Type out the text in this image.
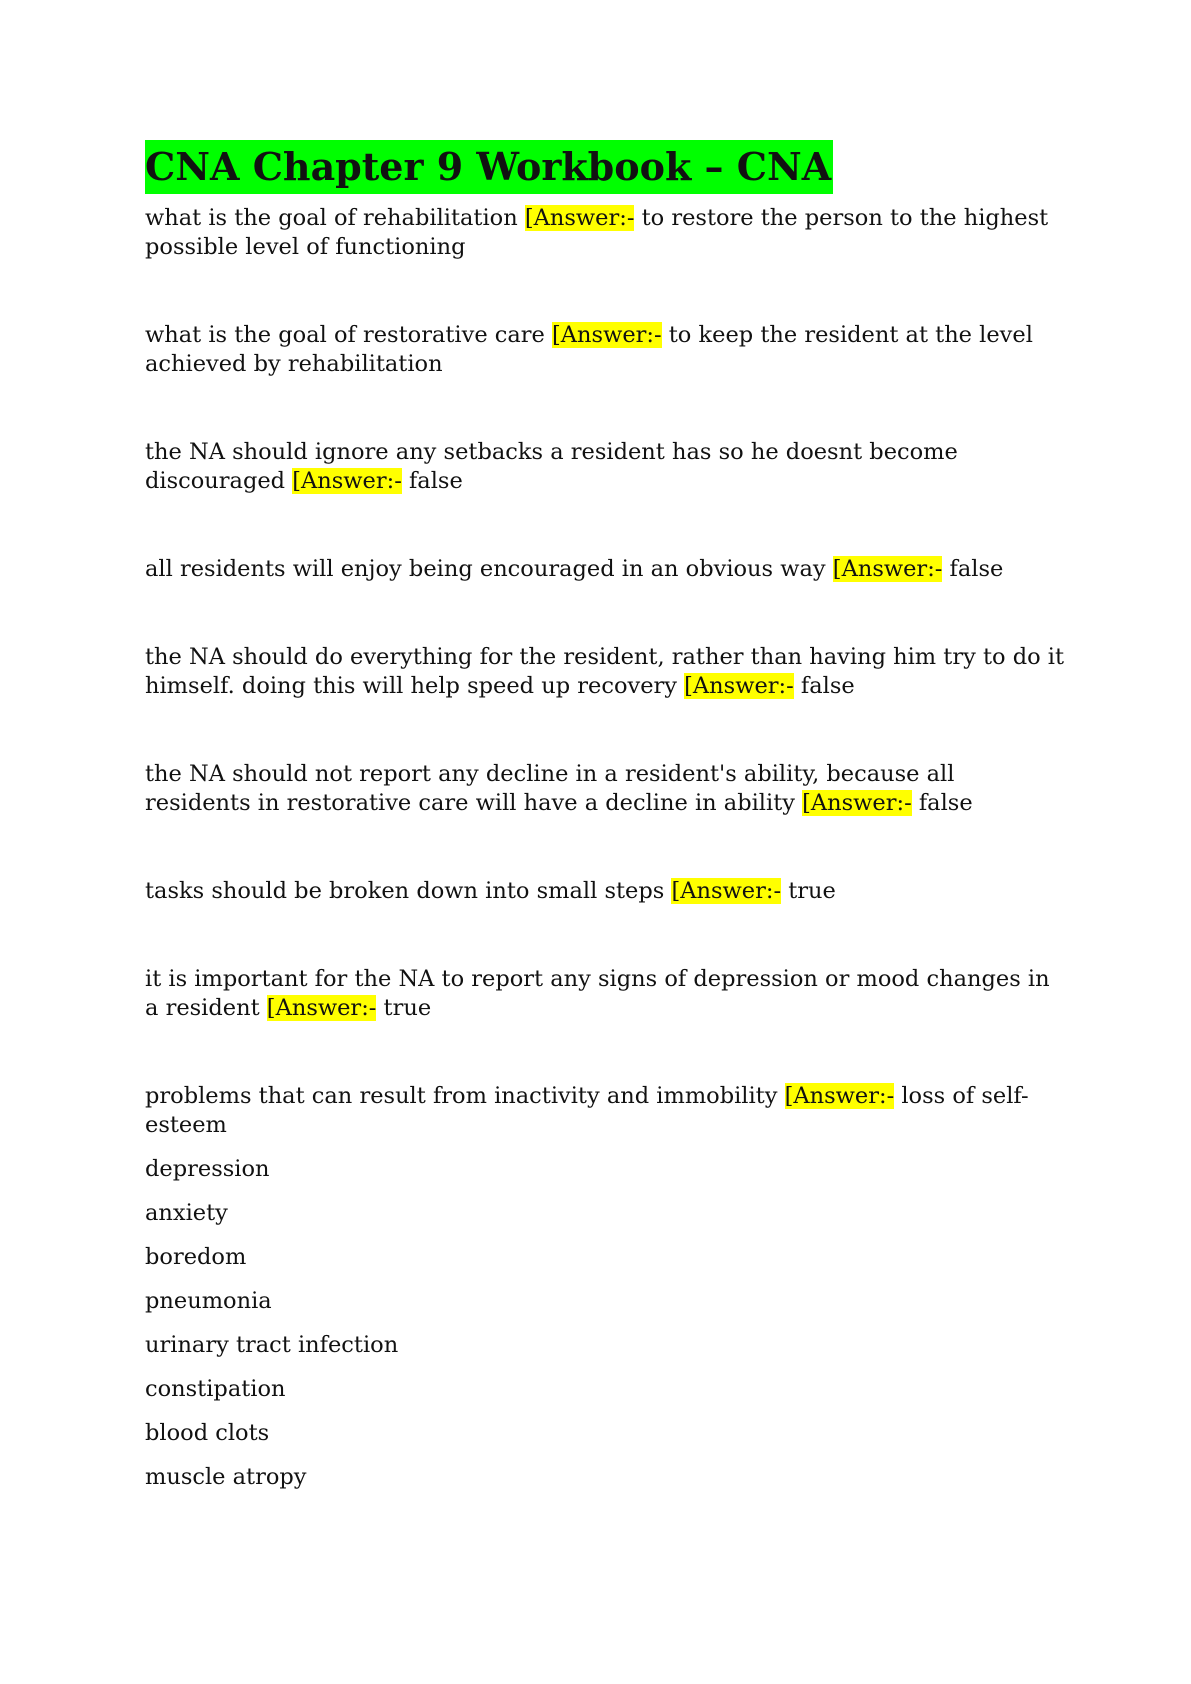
CNA Chapter 9 Workbook – CNA
what is the goal of rehabilitation [Answer:- to restore the person to the highest possible level of functioning
what is the goal of restorative care [Answer:- to keep the resident at the level achieved by rehabilitation
the NA should ignore any setbacks a resident has so he doesnt become discouraged [Answer:- false
all residents will enjoy being encouraged in an obvious way [Answer:- false
the NA should do everything for the resident, rather than having him try to do it himself. doing this will help speed up recovery [Answer:- false
the NA should not report any decline in a resident's ability, because all residents in restorative care will have a decline in ability [Answer:- false
tasks should be broken down into small steps [Answer:- true
it is important for the NA to report any signs of depression or mood changes in a resident [Answer:- true
problems that can result from inactivity and immobility [Answer:- loss of self-esteem
depression
anxiety
boredom
pneumonia
urinary tract infection
constipation
blood clots
muscle atropy
